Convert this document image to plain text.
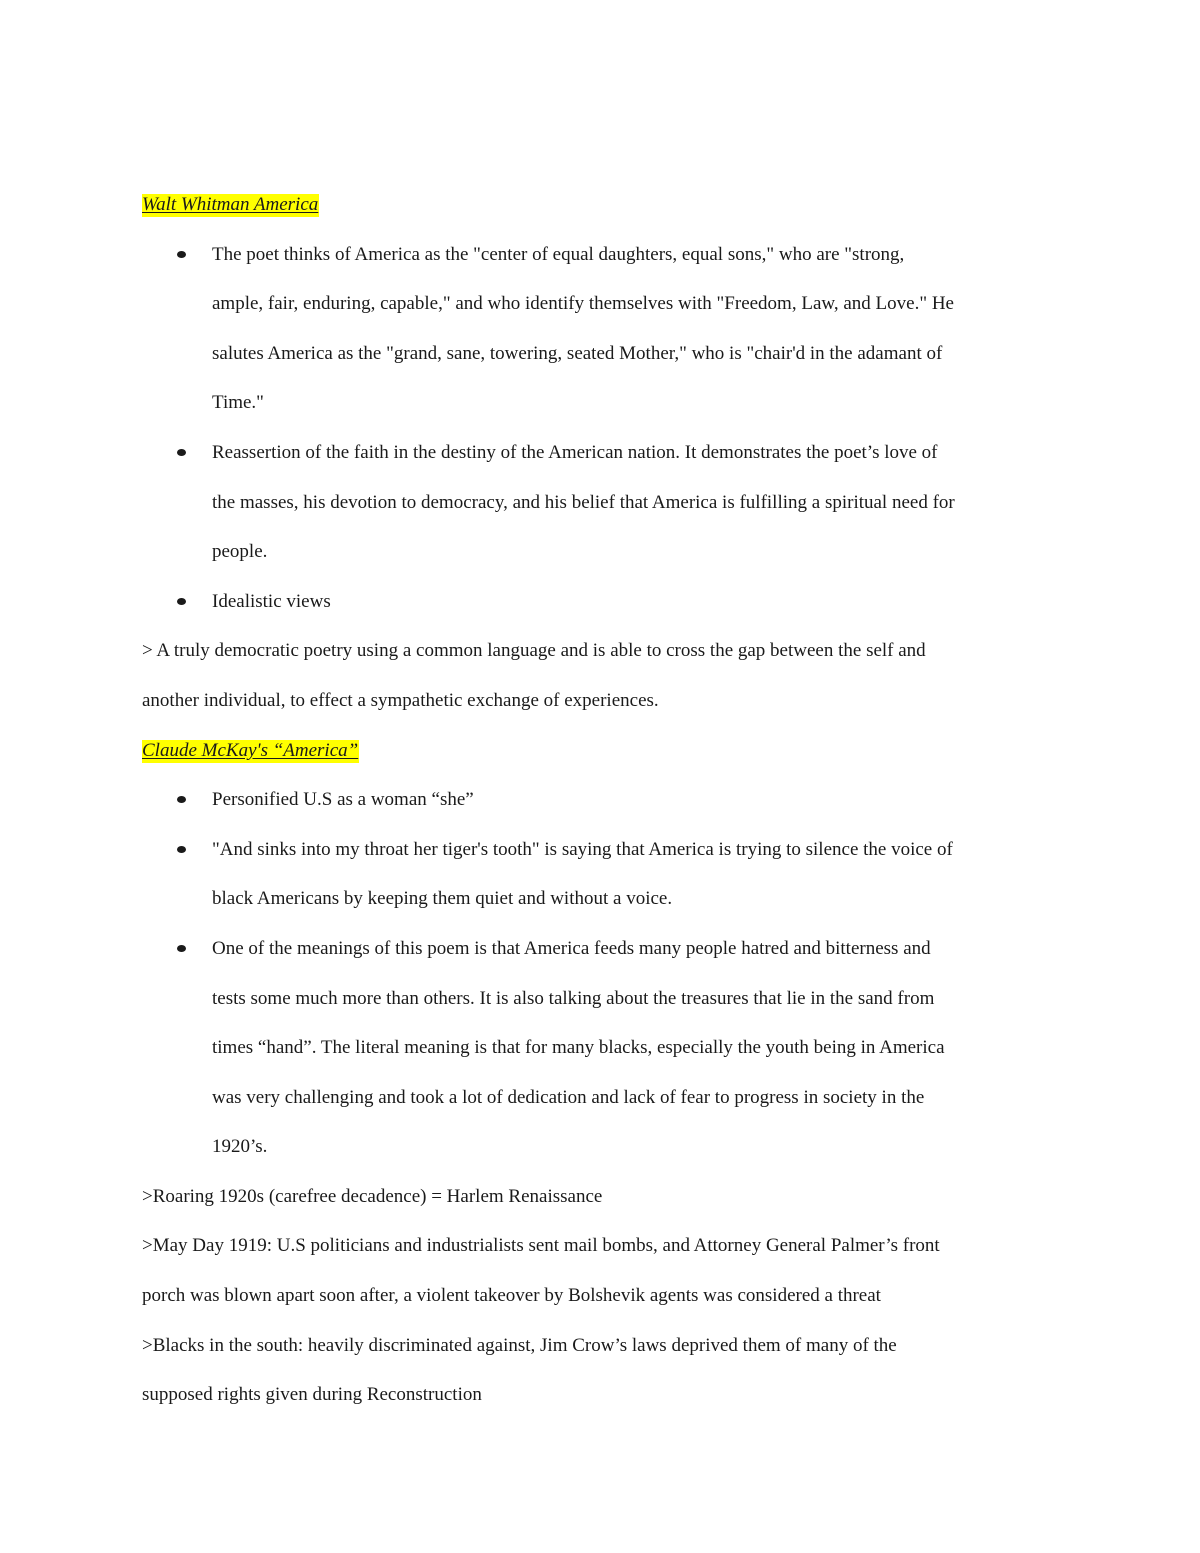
Walt Whitman America
The poet thinks of America as the "center of equal daughters, equal sons," who are "strong,
ample, fair, enduring, capable," and who identify themselves with "Freedom, Law, and Love." He
salutes America as the "grand, sane, towering, seated Mother," who is "chair'd in the adamant of
Time."
Reassertion of the faith in the destiny of the American nation. It demonstrates the poet’s love of
the masses, his devotion to democracy, and his belief that America is fulfilling a spiritual need for
people.
Idealistic views
> A truly democratic poetry using a common language and is able to cross the gap between the self and
another individual, to effect a sympathetic exchange of experiences.
Claude McKay's “America”
Personified U.S as a woman “she”
"And sinks into my throat her tiger's tooth" is saying that America is trying to silence the voice of
black Americans by keeping them quiet and without a voice.
One of the meanings of this poem is that America feeds many people hatred and bitterness and
tests some much more than others. It is also talking about the treasures that lie in the sand from
times “hand”. The literal meaning is that for many blacks, especially the youth being in America
was very challenging and took a lot of dedication and lack of fear to progress in society in the
1920’s.
>Roaring 1920s (carefree decadence) = Harlem Renaissance
>May Day 1919: U.S politicians and industrialists sent mail bombs, and Attorney General Palmer’s front
porch was blown apart soon after, a violent takeover by Bolshevik agents was considered a threat
>Blacks in the south: heavily discriminated against, Jim Crow’s laws deprived them of many of the
supposed rights given during Reconstruction
